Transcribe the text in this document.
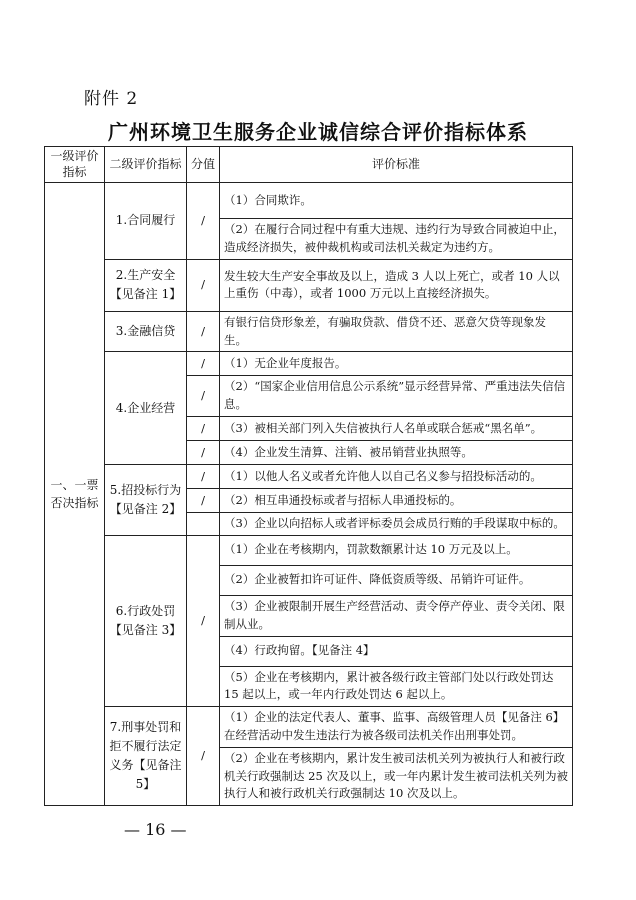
附件 2
广州环境卫生服务企业诚信综合评价指标体系
一级评价指标	二级评价指标	分值	评价标准
一、一票否决指标	1.合同履行	/	（1）合同欺诈。
			（2）在履行合同过程中有重大违规、违约行为导致合同被迫中止，造成经济损失，被仲裁机构或司法机关裁定为违约方。
	2.生产安全【见备注 1】	/	发生较大生产安全事故及以上，造成 3 人以上死亡，或者 10 人以上重伤（中毒），或者 1000 万元以上直接经济损失。
	3.金融信贷	/	有银行信贷形象差，有骗取贷款、借贷不还、恶意欠贷等现象发生。
	4.企业经营	/	（1）无企业年度报告。
		/	（2）“国家企业信用信息公示系统”显示经营异常、严重违法失信信息。
		/	（3）被相关部门列入失信被执行人名单或联合惩戒“黑名单”。
		/	（4）企业发生清算、注销、被吊销营业执照等。
	5.招投标行为【见备注 2】	/	（1）以他人名义或者允许他人以自己名义参与招投标活动的。
		/	（2）相互串通投标或者与招标人串通投标的。
			（3）企业以向招标人或者评标委员会成员行贿的手段谋取中标的。
	6.行政处罚【见备注 3】	/	（1）企业在考核期内，罚款数额累计达 10 万元及以上。
			（2）企业被暂扣许可证件、降低资质等级、吊销许可证件。
			（3）企业被限制开展生产经营活动、责令停产停业、责令关闭、限制从业。
			（4）行政拘留。【见备注 4】
			（5）企业在考核期内，累计被各级行政主管部门处以行政处罚达 15 起以上，或一年内行政处罚达 6 起以上。
	7.刑事处罚和拒不履行法定义务【见备注 5】	/	（1）企业的法定代表人、董事、监事、高级管理人员【见备注 6】在经营活动中发生违法行为被各级司法机关作出刑事处罚。
			（2）企业在考核期内，累计发生被司法机关列为被执行人和被行政机关行政强制达 25 次及以上，或一年内累计发生被司法机关列为被执行人和被行政机关行政强制达 10 次及以上。
— 16 —
